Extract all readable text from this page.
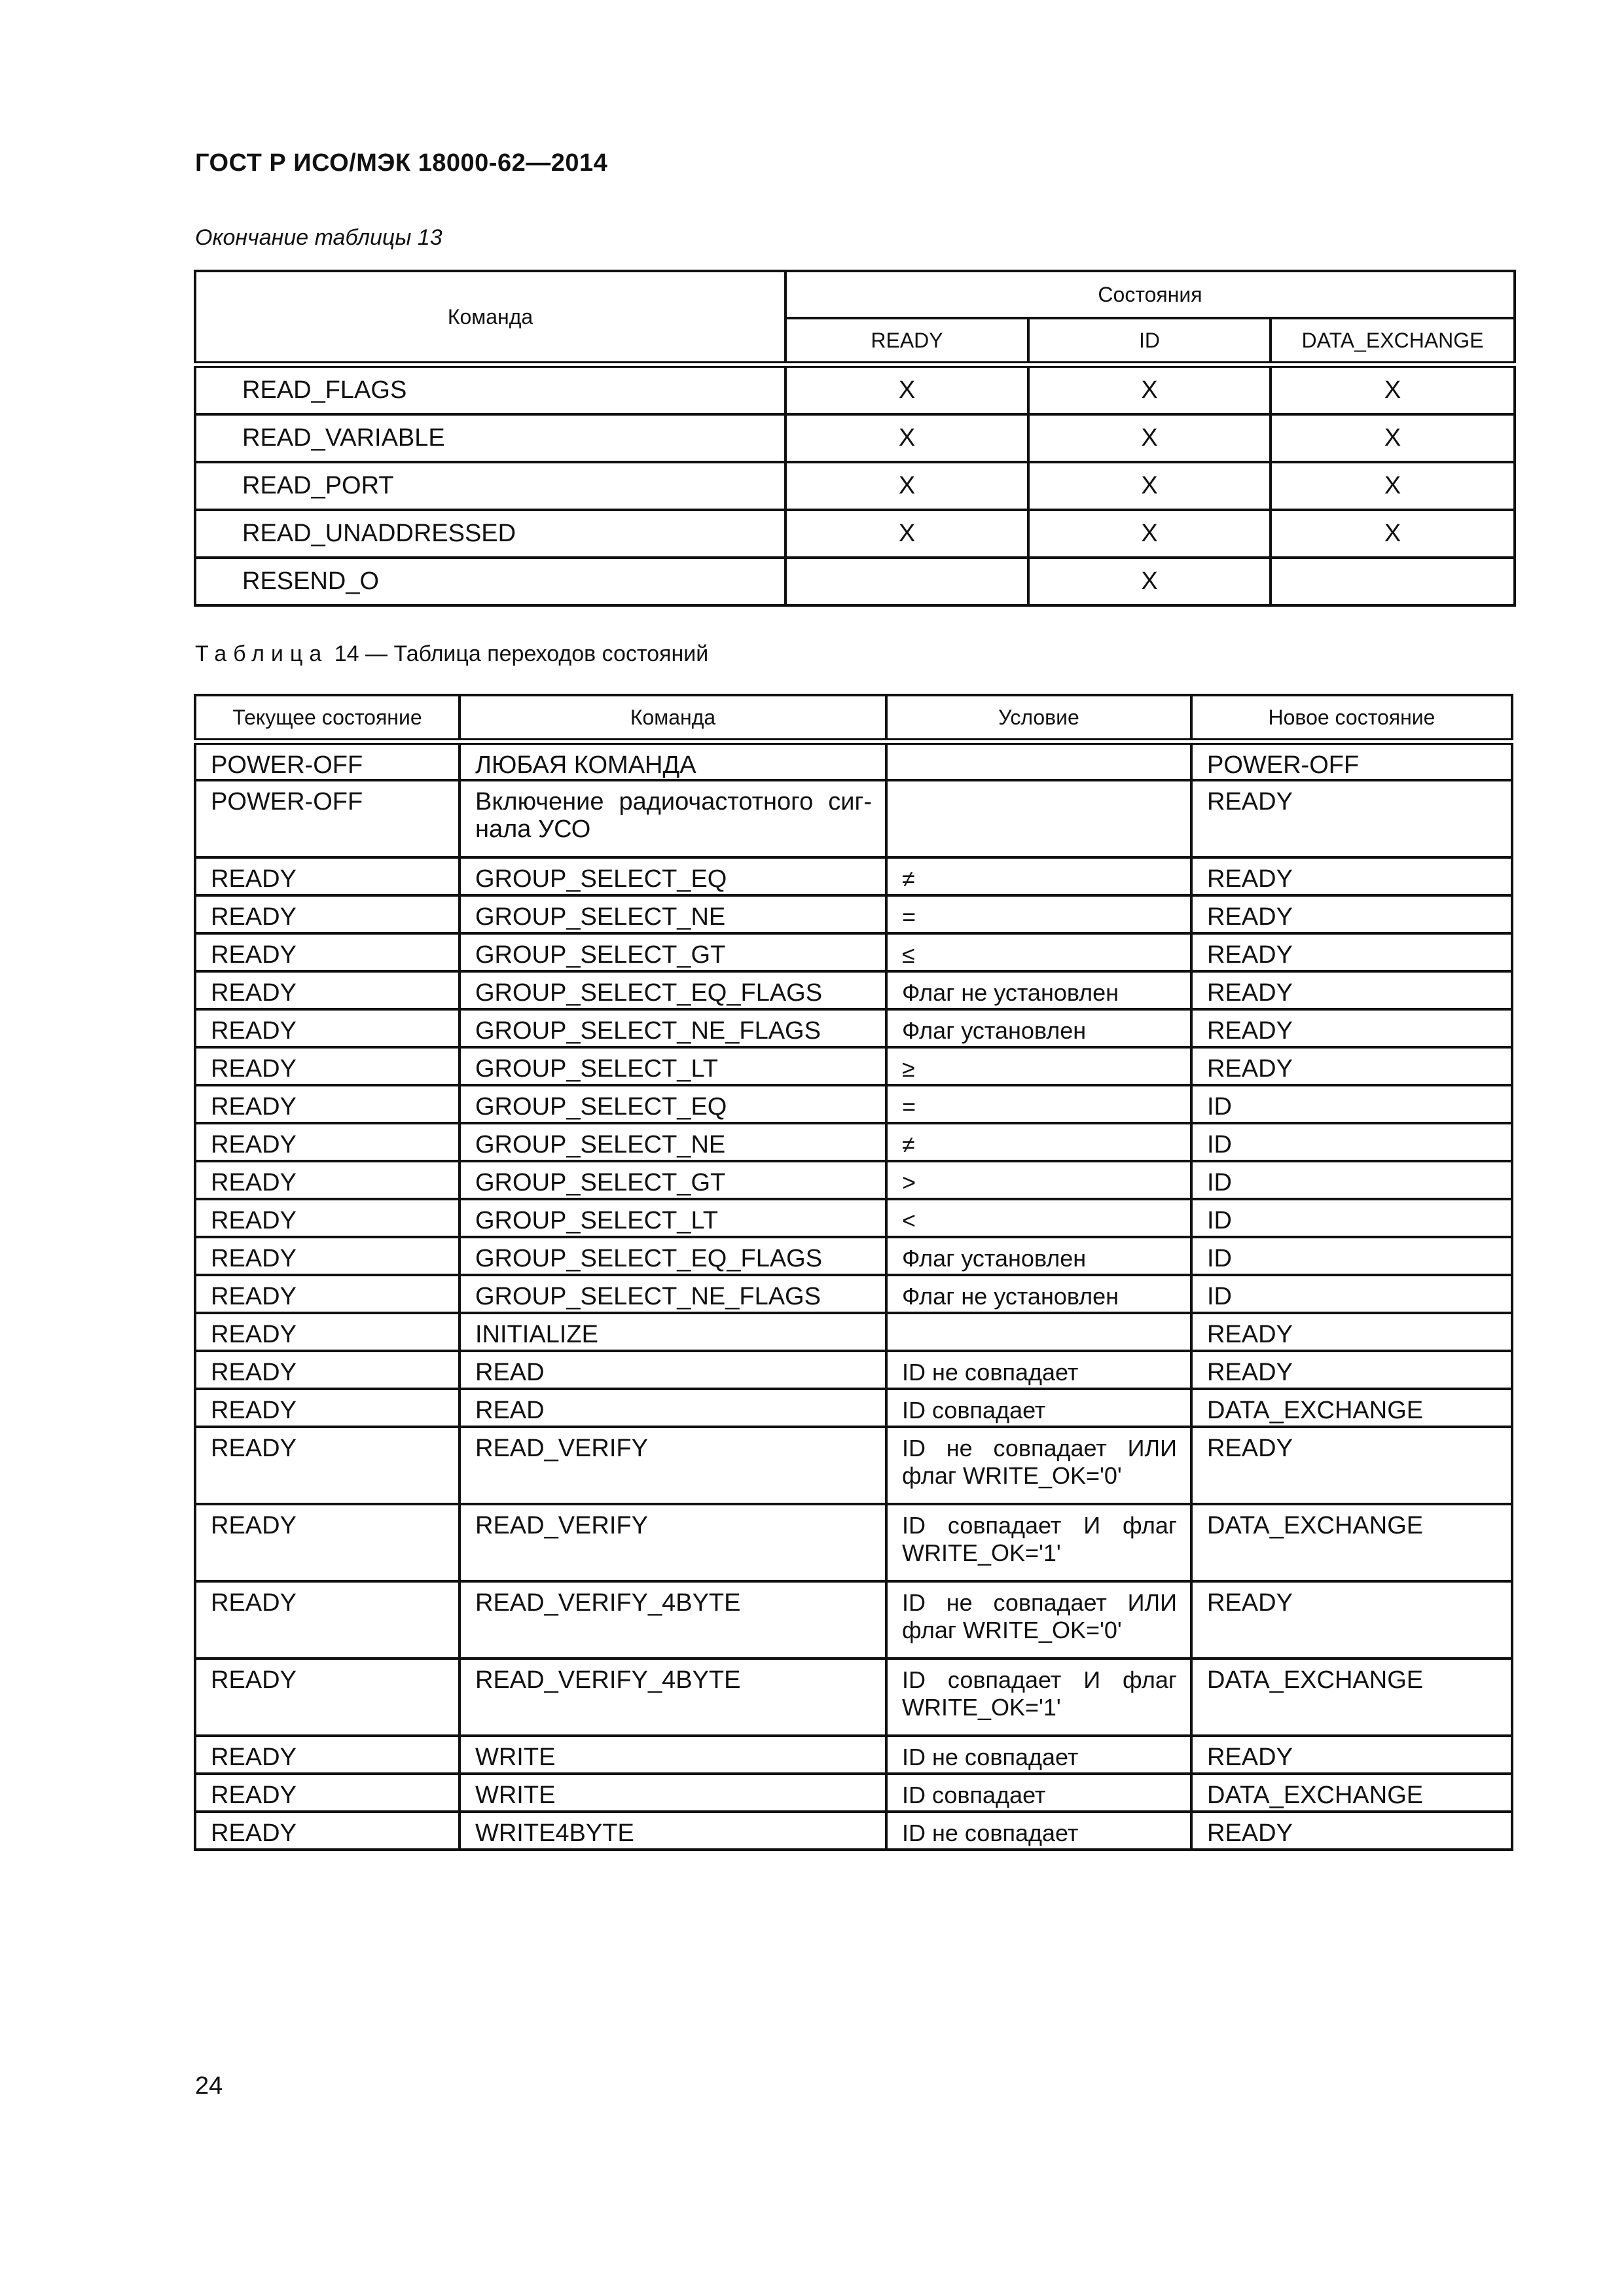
ГОСТ Р ИСО/МЭК 18000-62—2014
Окончание таблицы 13
Команда	Состояния		
	READY	ID	DATA_EXCHANGE
READ_FLAGS	X	X	X
READ_VARIABLE	X	X	X
READ_PORT	X	X	X
READ_UNADDRESSED	X	X	X
RESEND_O		X	
Таблица 14 — Таблица переходов состояний
Текущее состояние	Команда	Условие	Новое состояние
POWER-OFF	ЛЮБАЯ КОМАНДА		POWER-OFF
POWER-OFF	Включение радиочастотного сиг-нала УСО		READY
READY	GROUP_SELECT_EQ	≠	READY
READY	GROUP_SELECT_NE	=	READY
READY	GROUP_SELECT_GT	≤	READY
READY	GROUP_SELECT_EQ_FLAGS	Флаг не установлен	READY
READY	GROUP_SELECT_NE_FLAGS	Флаг установлен	READY
READY	GROUP_SELECT_LT	≥	READY
READY	GROUP_SELECT_EQ	=	ID
READY	GROUP_SELECT_NE	≠	ID
READY	GROUP_SELECT_GT	>	ID
READY	GROUP_SELECT_LT	<	ID
READY	GROUP_SELECT_EQ_FLAGS	Флаг установлен	ID
READY	GROUP_SELECT_NE_FLAGS	Флаг не установлен	ID
READY	INITIALIZE		READY
READY	READ	ID не совпадает	READY
READY	READ	ID совпадает	DATA_EXCHANGE
READY	READ_VERIFY	ID не совпадает ИЛИ флаг WRITE_OK='0'	READY
READY	READ_VERIFY	ID совпадает И флаг WRITE_OK='1'	DATA_EXCHANGE
READY	READ_VERIFY_4BYTE	ID не совпадает ИЛИ флаг WRITE_OK='0'	READY
READY	READ_VERIFY_4BYTE	ID совпадает И флаг WRITE_OK='1'	DATA_EXCHANGE
READY	WRITE	ID не совпадает	READY
READY	WRITE	ID совпадает	DATA_EXCHANGE
READY	WRITE4BYTE	ID не совпадает	READY
24
